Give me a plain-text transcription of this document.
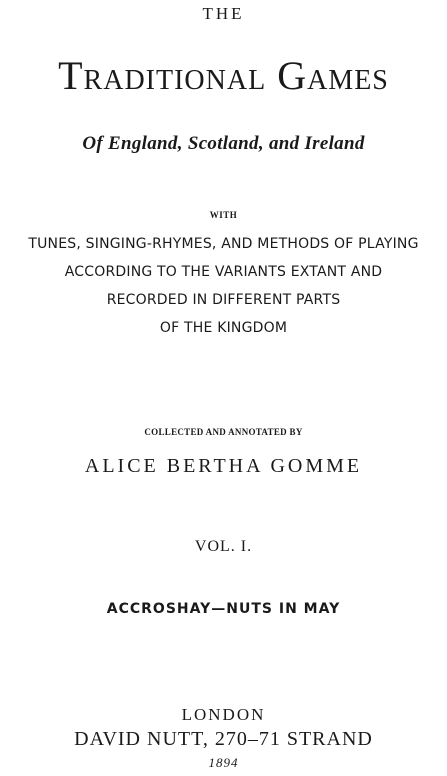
THE

Traditional Games

Of England, Scotland, and Ireland

WITH

TUNES, SINGING-RHYMES, AND METHODS OF PLAYING

ACCORDING TO THE VARIANTS EXTANT AND

RECORDED IN DIFFERENT PARTS

OF THE KINGDOM

COLLECTED AND ANNOTATED BY

ALICE BERTHA GOMME

VOL. I.

ACCROSHAY—NUTS IN MAY

LONDON

DAVID NUTT, 270–71 STRAND

1894
